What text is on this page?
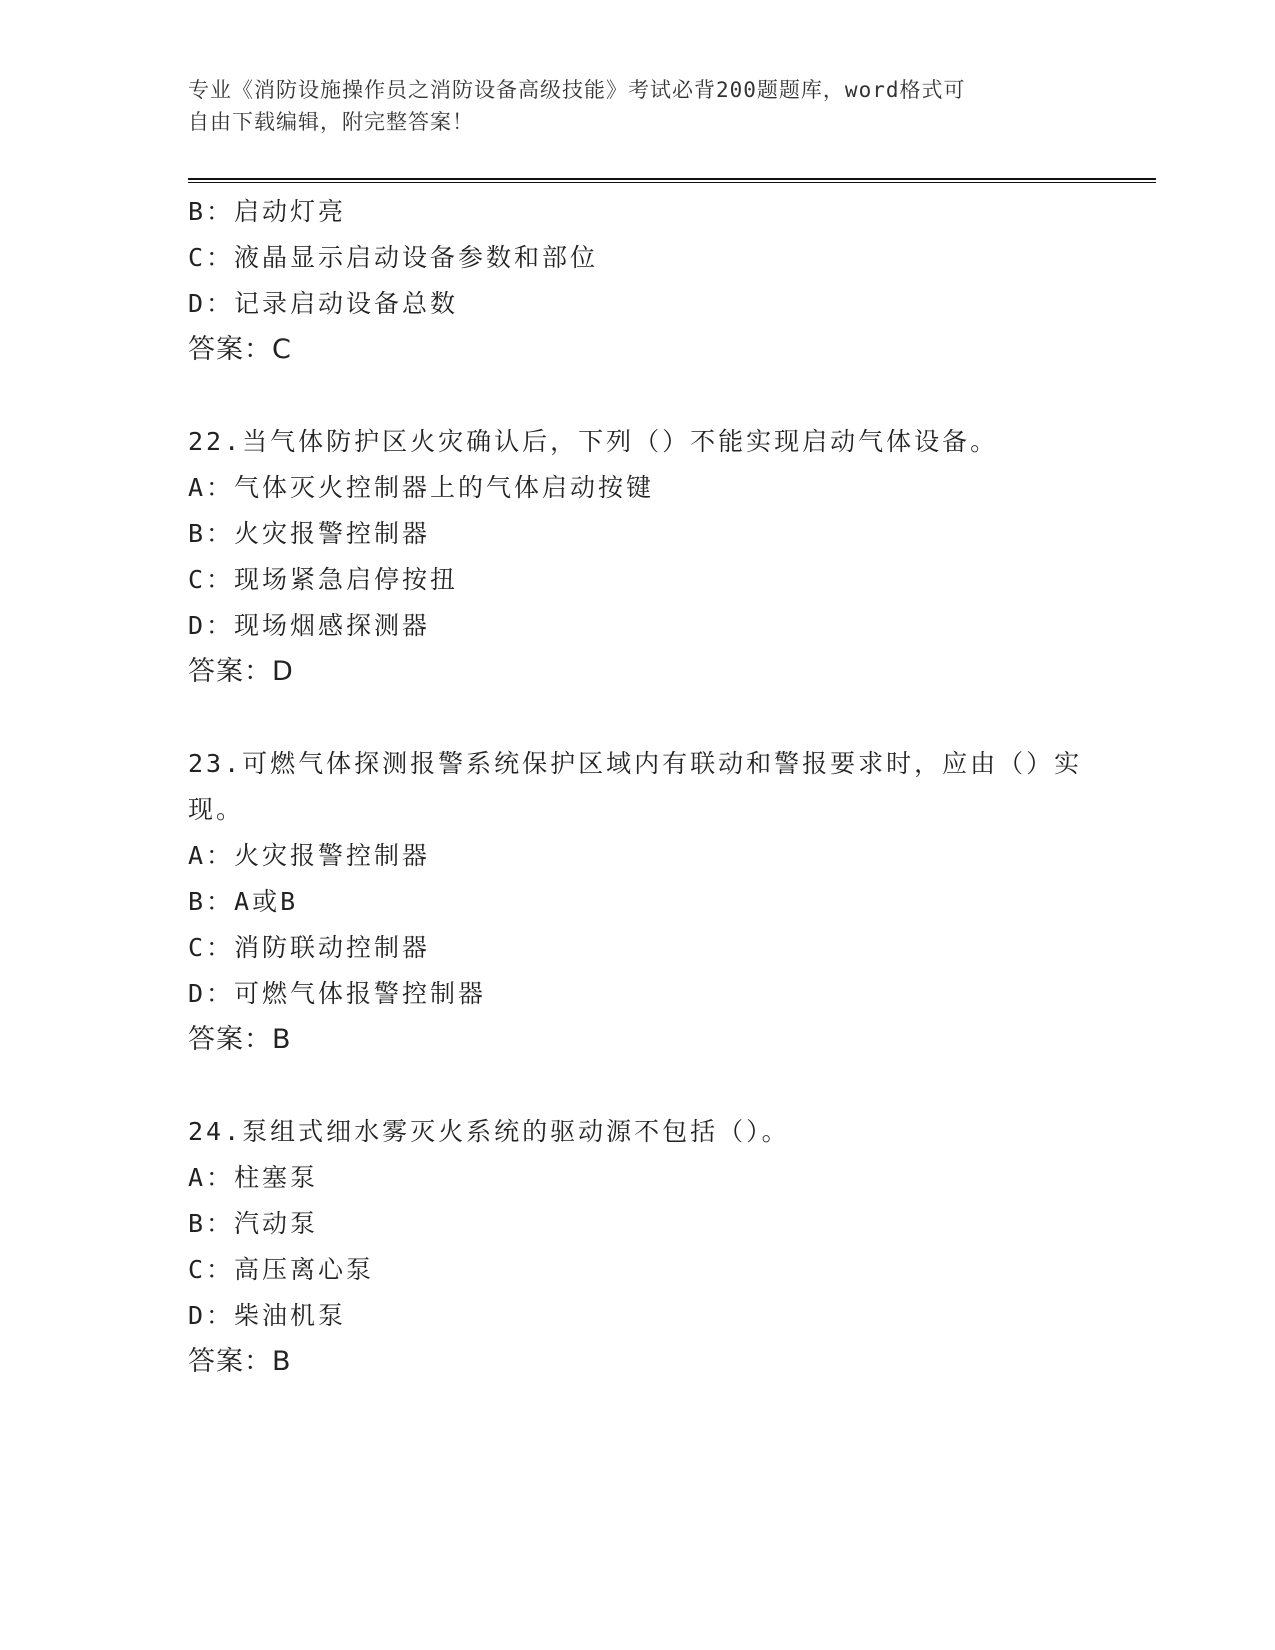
专业《消防设施操作员之消防设备高级技能》考试必背200题题库，word格式可
自由下载编辑，附完整答案！
B：启动灯亮
C：液晶显示启动设备参数和部位
D：记录启动设备总数
答案：C
22.当气体防护区火灾确认后，下列（）不能实现启动气体设备。
A：气体灭火控制器上的气体启动按键
B：火灾报警控制器
C：现场紧急启停按扭
D：现场烟感探测器
答案：D
23.可燃气体探测报警系统保护区域内有联动和警报要求时，应由（）实现。
A：火灾报警控制器
B：A或B
C：消防联动控制器
D：可燃气体报警控制器
答案：B
24.泵组式细水雾灭火系统的驱动源不包括（）。
A：柱塞泵
B：汽动泵
C：高压离心泵
D：柴油机泵
答案：B
